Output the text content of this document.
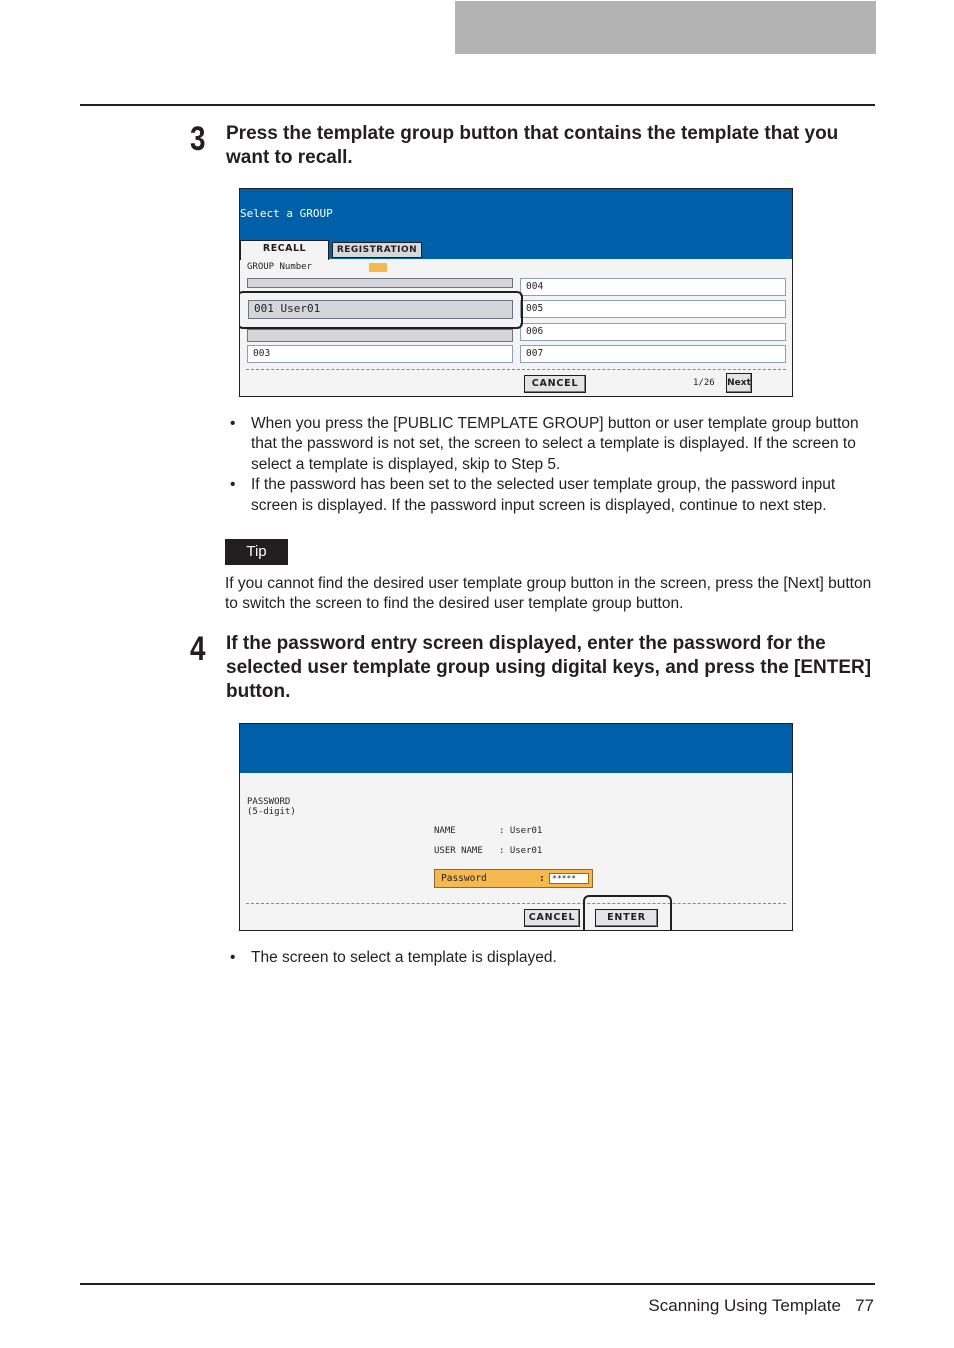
3 Press the template group button that contains the template that you want to recall.
Select a GROUP
RECALL	REGISTRATION
GROUP Number
001 User01
003
004
005
006
007
CANCEL	1/26 Next
• When you press the [PUBLIC TEMPLATE GROUP] button or user template group button that the password is not set, the screen to select a template is displayed. If the screen to select a template is displayed, skip to Step 5.
• If the password has been set to the selected user template group, the password input screen is displayed. If the password input screen is displayed, continue to next step.
Tip
If you cannot find the desired user template group button in the screen, press the [Next] button to switch the screen to find the desired user template group button.
4 If the password entry screen displayed, enter the password for the selected user template group using digital keys, and press the [ENTER] button.
PASSWORD
(5-digit)
NAME	: User01
USER NAME : User01
Password	: *****
CANCEL	ENTER
• The screen to select a template is displayed.
Scanning Using Template 77
